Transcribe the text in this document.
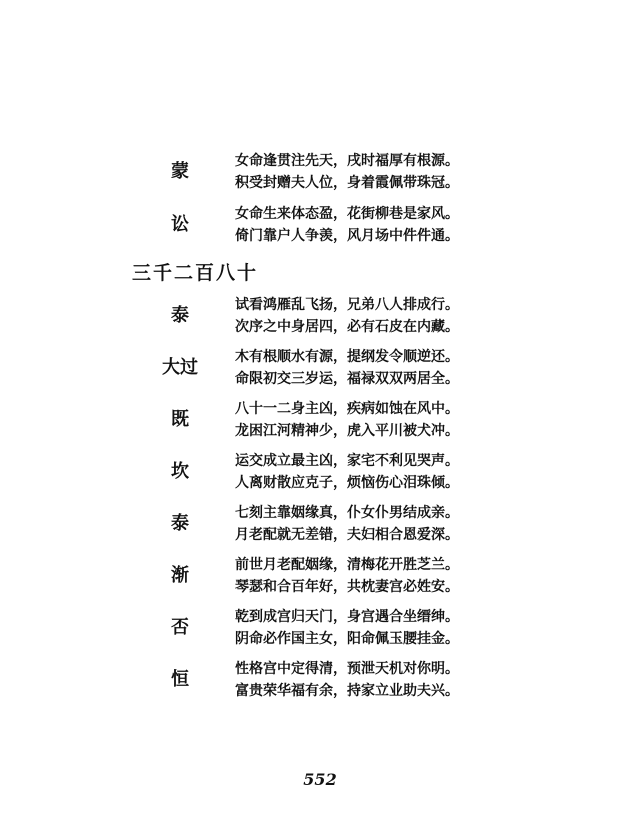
蒙	女命逢贯注先天，戌时福厚有根源。
积受封赠夫人位，身着霞佩带珠冠。
讼	女命生来体态盈，花街柳巷是家风。
倚门靠户人争羡，风月场中件件通。
三千二百八十
泰	试看鸿雁乱飞扬，兄弟八人排成行。
次序之中身居四，必有石皮在内藏。
大过	木有根顺水有源，提纲发令顺逆还。
命限初交三岁运，福禄双双两居全。
既	八十一二身主凶，疾病如蚀在风中。
龙困江河精神少，虎入平川被犬冲。
坎	运交成立最主凶，家宅不利见哭声。
人离财散应克子，烦恼伤心泪珠倾。
泰	七刻主靠姻缘真，仆女仆男结成亲。
月老配就无差错，夫妇相合恩爱深。
渐	前世月老配姻缘，清梅花开胜芝兰。
琴瑟和合百年好，共枕妻宫必姓安。
否	乾到成宫归天门，身宫遇合坐缙绅。
阴命必作国主女，阳命佩玉腰挂金。
恒	性格宫中定得清，预泄天机对你明。
富贵荣华福有余，持家立业助夫兴。
552
